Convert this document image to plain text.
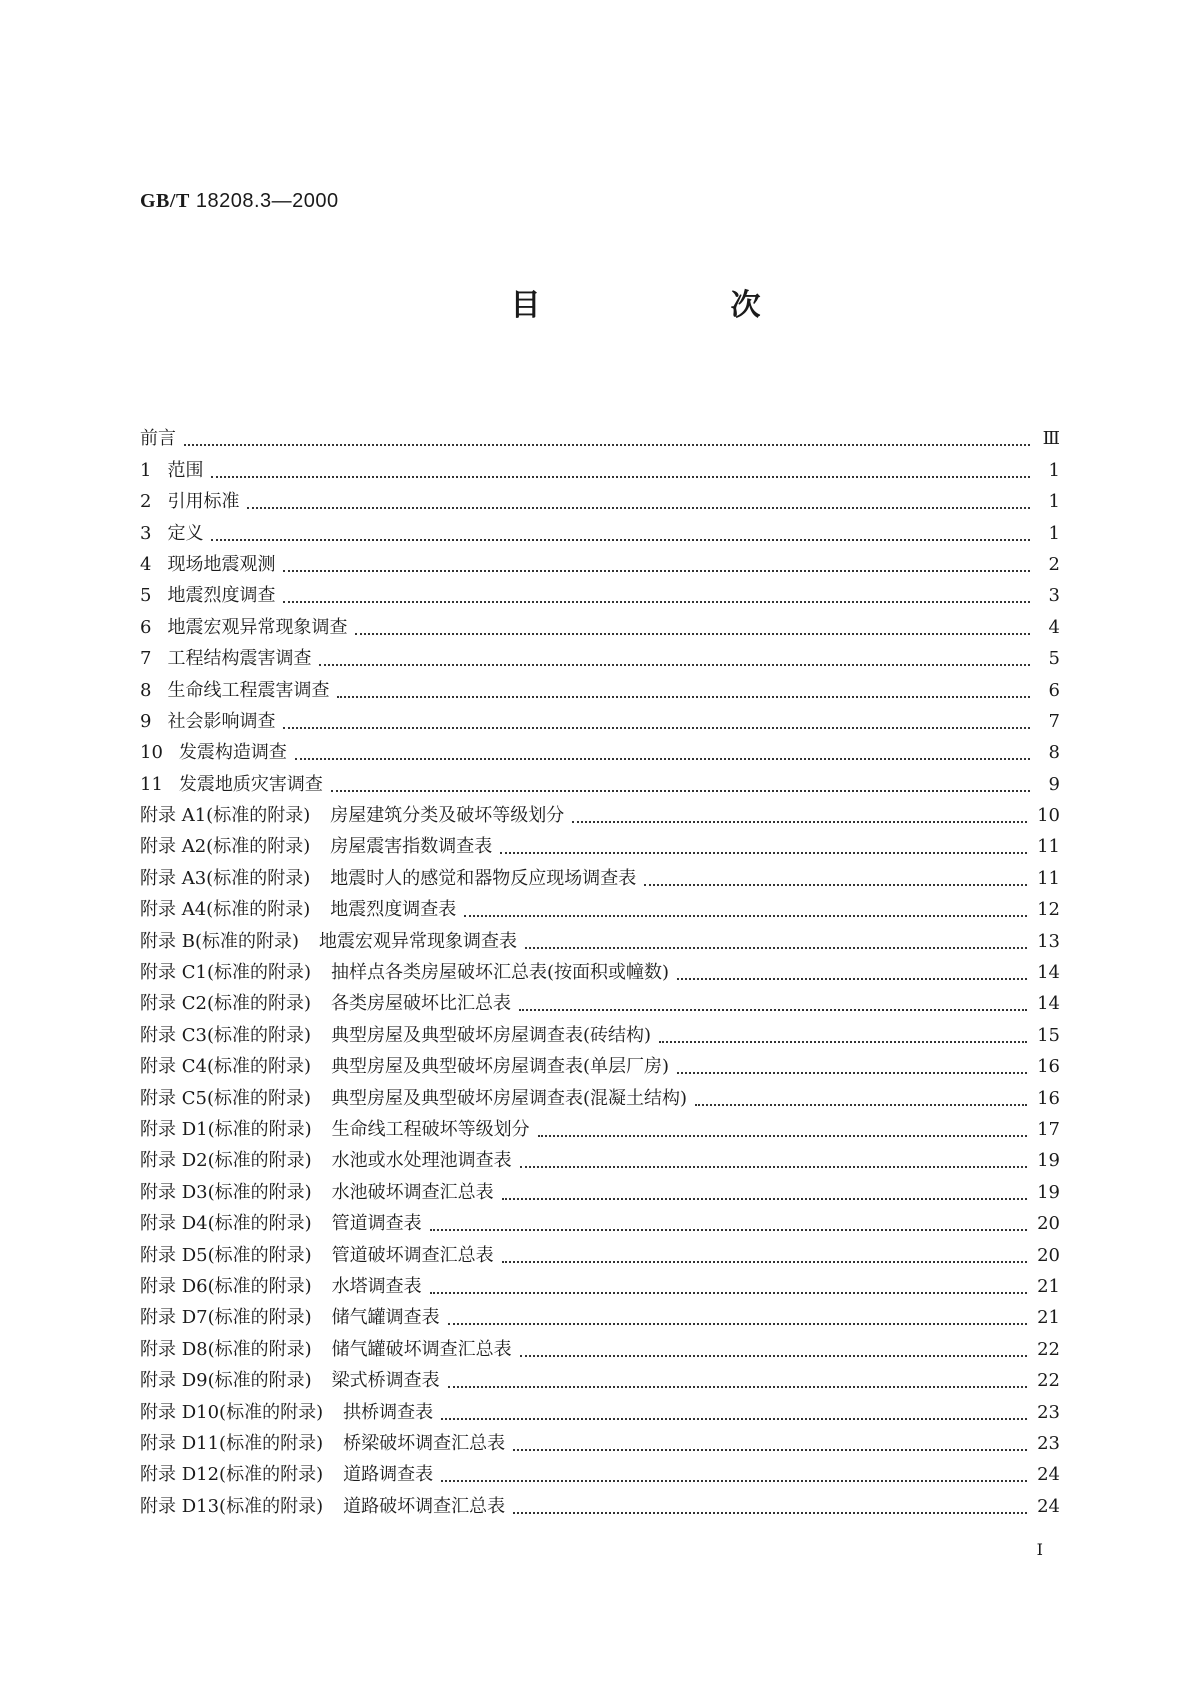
GB/T 18208.3—2000
目　次
前言	Ⅲ
1 范围	1
2 引用标准	1
3 定义	1
4 现场地震观测	2
5 地震烈度调查	3
6 地震宏观异常现象调查	4
7 工程结构震害调查	5
8 生命线工程震害调查	6
9 社会影响调查	7
10 发震构造调查	8
11 发震地质灾害调查	9
附录 A1(标准的附录) 房屋建筑分类及破坏等级划分	10
附录 A2(标准的附录) 房屋震害指数调查表	11
附录 A3(标准的附录) 地震时人的感觉和器物反应现场调查表	11
附录 A4(标准的附录) 地震烈度调查表	12
附录 B(标准的附录) 地震宏观异常现象调查表	13
附录 C1(标准的附录) 抽样点各类房屋破坏汇总表(按面积或幢数)	14
附录 C2(标准的附录) 各类房屋破坏比汇总表	14
附录 C3(标准的附录) 典型房屋及典型破坏房屋调查表(砖结构)	15
附录 C4(标准的附录) 典型房屋及典型破坏房屋调查表(单层厂房)	16
附录 C5(标准的附录) 典型房屋及典型破坏房屋调查表(混凝土结构)	16
附录 D1(标准的附录) 生命线工程破坏等级划分	17
附录 D2(标准的附录) 水池或水处理池调查表	19
附录 D3(标准的附录) 水池破坏调查汇总表	19
附录 D4(标准的附录) 管道调查表	20
附录 D5(标准的附录) 管道破坏调查汇总表	20
附录 D6(标准的附录) 水塔调查表	21
附录 D7(标准的附录) 储气罐调查表	21
附录 D8(标准的附录) 储气罐破坏调查汇总表	22
附录 D9(标准的附录) 梁式桥调查表	22
附录 D10(标准的附录) 拱桥调查表	23
附录 D11(标准的附录) 桥梁破坏调查汇总表	23
附录 D12(标准的附录) 道路调查表	24
附录 D13(标准的附录) 道路破坏调查汇总表	24
Ⅰ
